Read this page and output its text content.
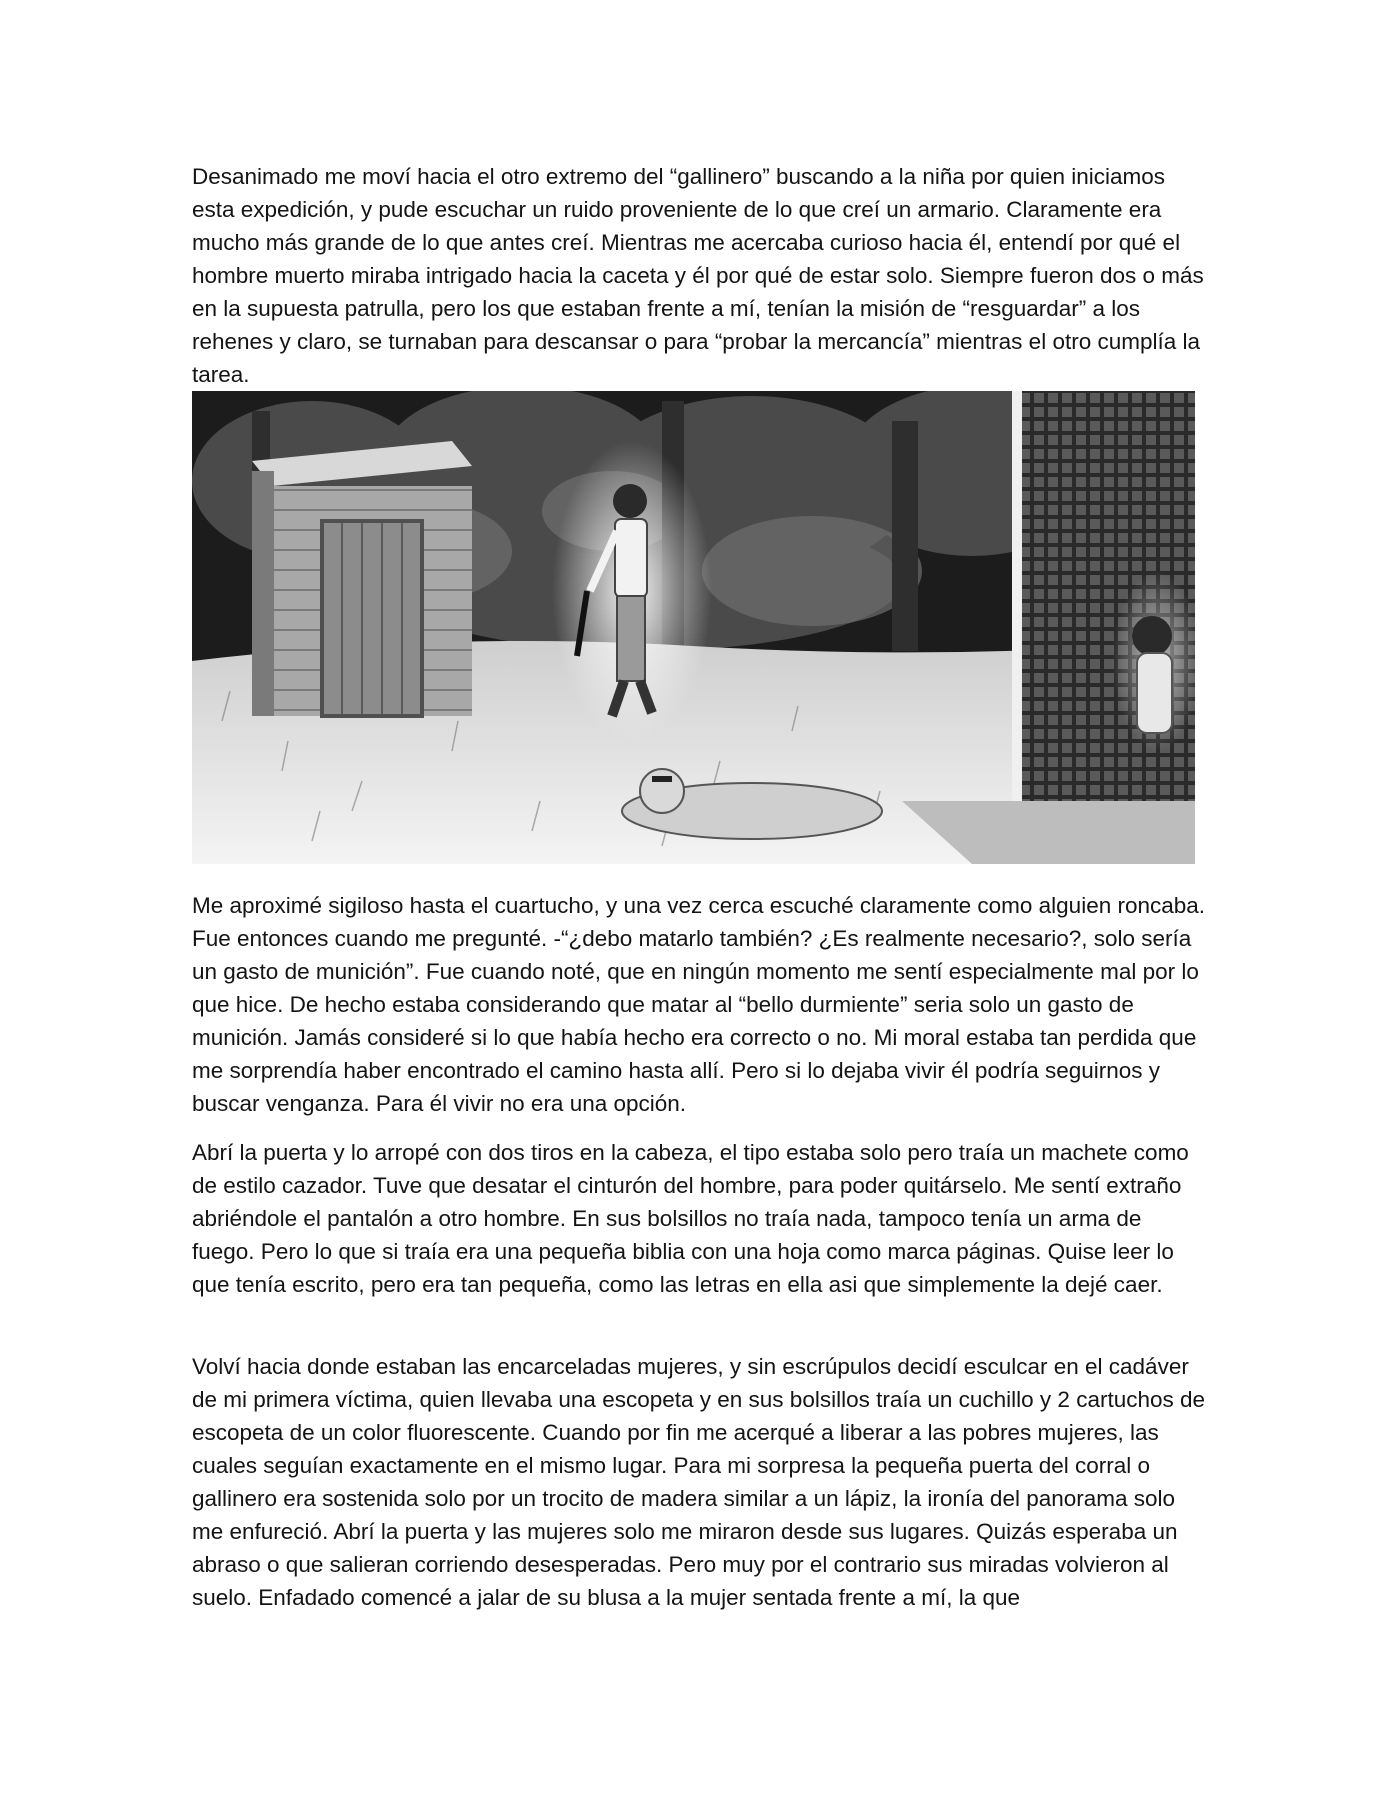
Desanimado me moví hacia el otro extremo del “gallinero” buscando a la niña por quien iniciamos esta expedición, y pude escuchar un ruido proveniente de lo que creí un armario. Claramente era mucho más grande de lo que antes creí. Mientras me acercaba curioso hacia él, entendí por qué el hombre muerto miraba intrigado hacia la caceta y él por qué de estar solo. Siempre fueron dos o más en la supuesta patrulla, pero los que estaban frente a mí, tenían la misión de “resguardar” a los rehenes y claro, se turnaban para descansar o para “probar la mercancía” mientras el otro cumplía la tarea.

Me aproximé sigiloso hasta el cuartucho, y una vez cerca escuché claramente como alguien roncaba. Fue entonces cuando me pregunté. -“¿debo matarlo también? ¿Es realmente necesario?, solo sería un gasto de munición”. Fue cuando noté, que en ningún momento me sentí especialmente mal por lo que hice. De hecho estaba considerando que matar al “bello durmiente” seria solo un gasto de munición. Jamás consideré si lo que había hecho era correcto o no. Mi moral estaba tan perdida que me sorprendía haber encontrado el camino hasta allí. Pero si lo dejaba vivir él podría seguirnos y buscar venganza. Para él vivir no era una opción.

Abrí la puerta y lo arropé con dos tiros en la cabeza, el tipo estaba solo pero traía un machete como de estilo cazador. Tuve que desatar el cinturón del hombre, para poder quitárselo. Me sentí extraño abriéndole el pantalón a otro hombre. En sus bolsillos no traía nada, tampoco tenía un arma de fuego. Pero lo que si traía era una pequeña biblia con una hoja como marca páginas. Quise leer lo que tenía escrito, pero era tan pequeña, como las letras en ella asi que simplemente la dejé caer.

Volví hacia donde estaban las encarceladas mujeres, y sin escrúpulos decidí esculcar en el cadáver de mi primera víctima, quien llevaba una escopeta y en sus bolsillos traía un cuchillo y 2 cartuchos de escopeta de un color fluorescente. Cuando por fin me acerqué a liberar a las pobres mujeres, las cuales seguían exactamente en el mismo lugar. Para mi sorpresa la pequeña puerta del corral o gallinero era sostenida solo por un trocito de madera similar a un lápiz, la ironía del panorama solo me enfureció. Abrí la puerta y las mujeres solo me miraron desde sus lugares. Quizás esperaba un abraso o que salieran corriendo desesperadas. Pero muy por el contrario sus miradas volvieron al suelo. Enfadado comencé a jalar de su blusa a la mujer sentada frente a mí, la que
